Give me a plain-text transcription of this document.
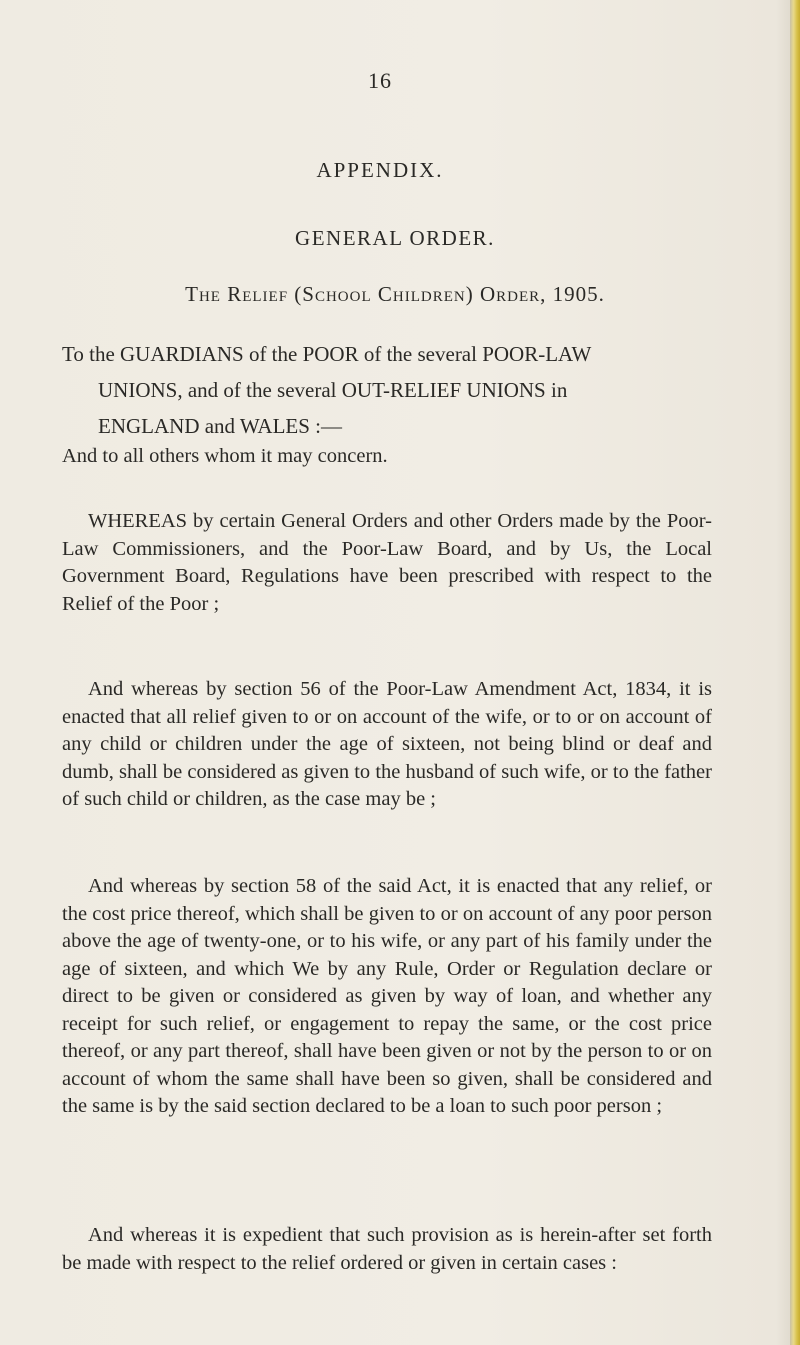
16
APPENDIX.
GENERAL ORDER.
The Relief (School Children) Order, 1905.
To the GUARDIANS of the POOR of the several POOR-LAW
UNIONS, and of the several OUT-RELIEF UNIONS in
ENGLAND and WALES :—
And to all others whom it may concern.
WHEREAS by certain General Orders and other Orders made by the Poor-Law Commissioners, and the Poor-Law Board, and by Us, the Local Government Board, Regulations have been prescribed with respect to the Relief of the Poor ;
And whereas by section 56 of the Poor-Law Amendment Act, 1834, it is enacted that all relief given to or on account of the wife, or to or on account of any child or children under the age of sixteen, not being blind or deaf and dumb, shall be considered as given to the husband of such wife, or to the father of such child or children, as the case may be ;
And whereas by section 58 of the said Act, it is enacted that any relief, or the cost price thereof, which shall be given to or on account of any poor person above the age of twenty-one, or to his wife, or any part of his family under the age of sixteen, and which We by any Rule, Order or Regulation declare or direct to be given or considered as given by way of loan, and whether any receipt for such relief, or engagement to repay the same, or the cost price thereof, or any part thereof, shall have been given or not by the person to or on account of whom the same shall have been so given, shall be considered and the same is by the said section declared to be a loan to such poor person ;
And whereas it is expedient that such provision as is herein-after set forth be made with respect to the relief ordered or given in certain cases :
